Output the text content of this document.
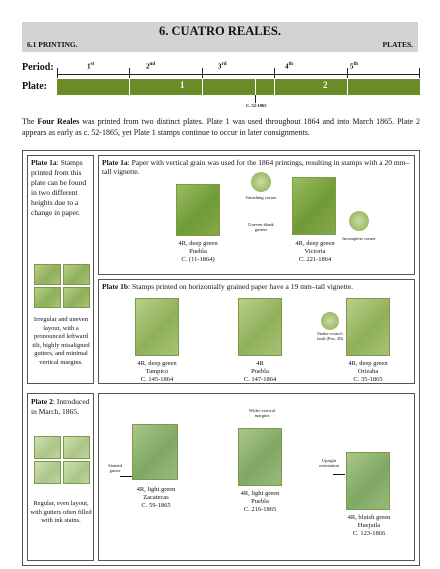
6. CUATRO REALES.
6.1 PRINTING.	PLATES.
Period:
Plate:
1st	2nd	3rd	4th	5th
1	2
C. 52-1865
The Four Reales was printed from two distinct plates. Plate 1 was used throughout 1864 and into March 1865. Plate 2 appears as early as c. 52-1865, yet Plate 1 stamps continue to occur in later consignments.
Plate 1a: Stamps printed from this plate can be found in two different heights due to a change in paper.
Irregular and uneven layout, with a pronounced leftward tilt, highly misaligned gutters, and minimal vertical margins.
Plate 2: Introduced in March, 1865.
Regular, even layout, with gutters often filled with ink stains.
Plate 1a: Paper with vertical grain was used for the 1864 printings, resulting in stamps with a 20 mm–tall vignette.
Vanishing corner
Uneven blank gutters
Incomplete corner
4R, deep green
Puebla
C. (11-1864)
4R, deep green
Victoria
C. 221-1864
Plate 1b: Stamps printed on horizontally grained paper have a 19 mm–tall vignette.
Snake scratch fault (Pos. 28)
4R, deep green
Tampico
C. 145-1864
4R
Puebla
C. 147-1864
4R, deep green
Orizaba
C. 35-1865
Stained gutter
Wider vertical margins
Upright orientation
4R, light green
Zacatecas
C. 59-1865
4R, light green
Puebla
C. 216-1865
4R, bluish green
Huejutla
C. 123-1866
